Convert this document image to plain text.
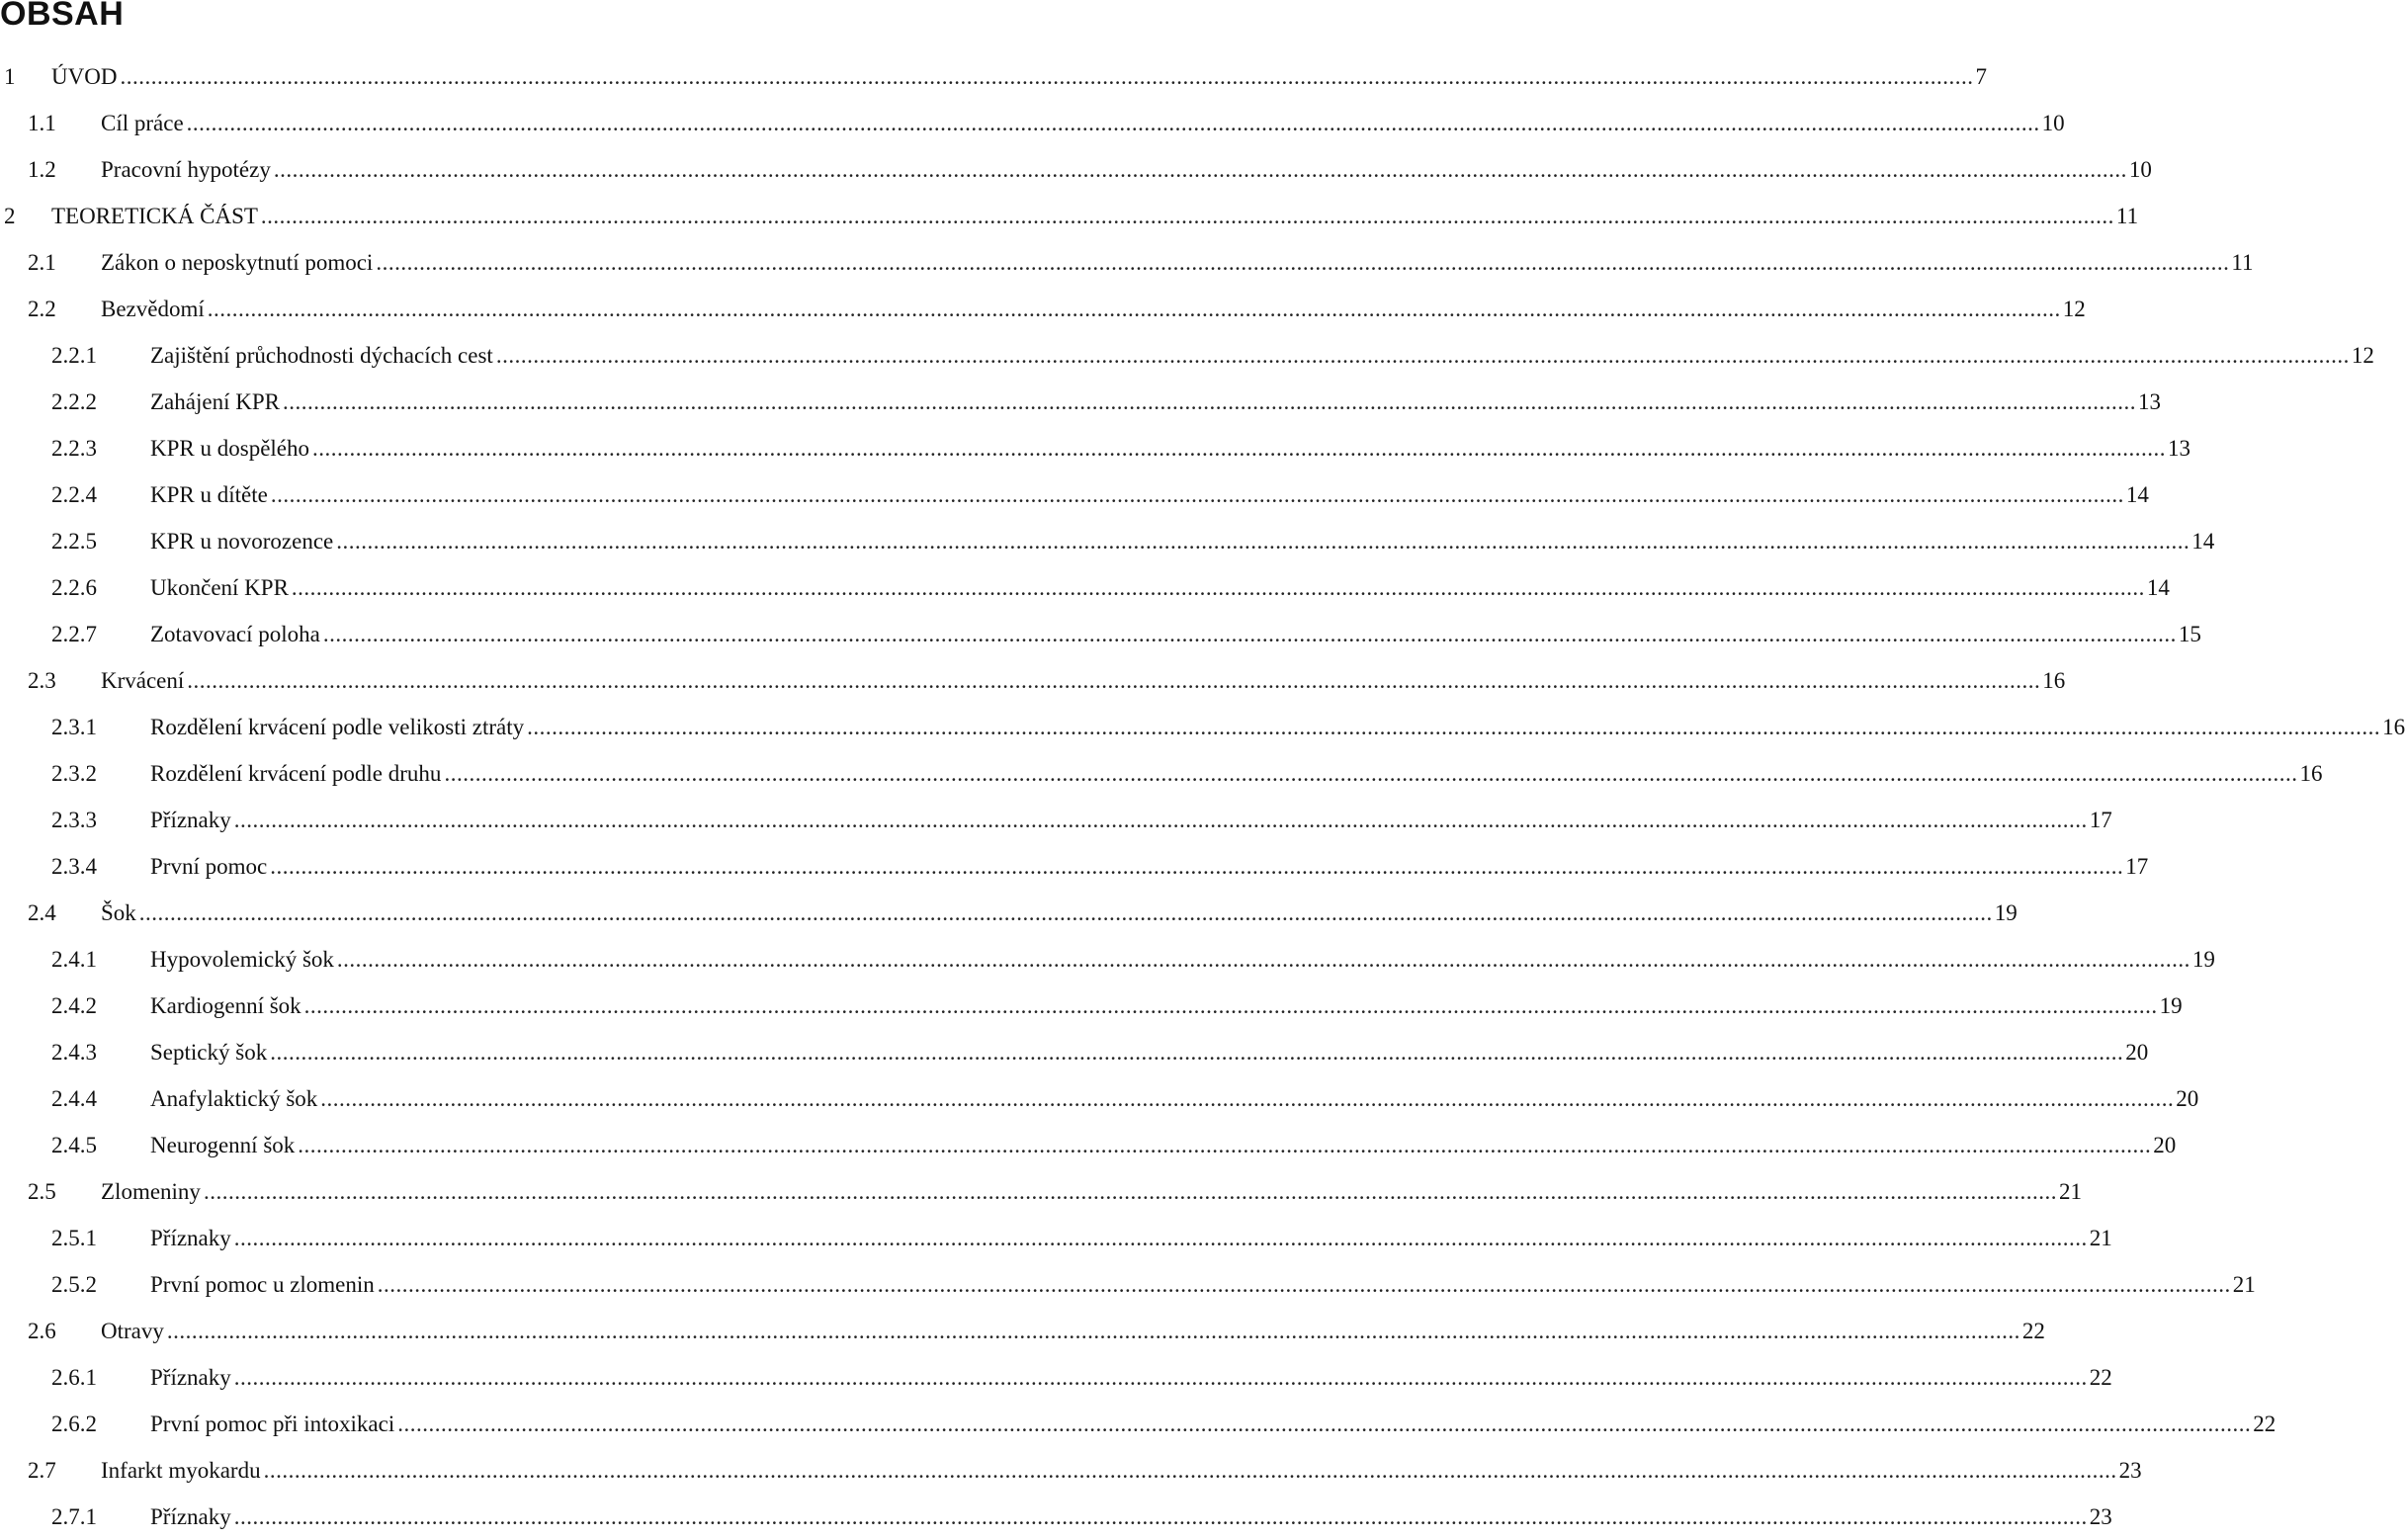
OBSAH
1	ÚVOD ............................................................................................................................................................................................................................................................................................................ 7
1.1	Cíl práce ............................................................................................................................................................................................................................................................................................................ 10
1.2	Pracovní hypotézy ............................................................................................................................................................................................................................................................................................................ 10
2	TEORETICKÁ ČÁST ............................................................................................................................................................................................................................................................................................................ 11
2.1	Zákon o neposkytnutí pomoci ............................................................................................................................................................................................................................................................................................................ 11
2.2	Bezvědomí ............................................................................................................................................................................................................................................................................................................ 12
2.2.1	Zajištění průchodnosti dýchacích cest ............................................................................................................................................................................................................................................................................................................ 12
2.2.2	Zahájení KPR ............................................................................................................................................................................................................................................................................................................ 13
2.2.3	KPR u dospělého ............................................................................................................................................................................................................................................................................................................ 13
2.2.4	KPR u dítěte ............................................................................................................................................................................................................................................................................................................ 14
2.2.5	KPR u novorozence ............................................................................................................................................................................................................................................................................................................ 14
2.2.6	Ukončení KPR ............................................................................................................................................................................................................................................................................................................ 14
2.2.7	Zotavovací poloha ............................................................................................................................................................................................................................................................................................................ 15
2.3	Krvácení ............................................................................................................................................................................................................................................................................................................ 16
2.3.1	Rozdělení krvácení podle velikosti ztráty ............................................................................................................................................................................................................................................................................................................ 16
2.3.2	Rozdělení krvácení podle druhu ............................................................................................................................................................................................................................................................................................................ 16
2.3.3	Příznaky ............................................................................................................................................................................................................................................................................................................ 17
2.3.4	První pomoc ............................................................................................................................................................................................................................................................................................................ 17
2.4	Šok ............................................................................................................................................................................................................................................................................................................ 19
2.4.1	Hypovolemický šok ............................................................................................................................................................................................................................................................................................................ 19
2.4.2	Kardiogenní šok ............................................................................................................................................................................................................................................................................................................ 19
2.4.3	Septický šok ............................................................................................................................................................................................................................................................................................................ 20
2.4.4	Anafylaktický šok ............................................................................................................................................................................................................................................................................................................ 20
2.4.5	Neurogenní šok ............................................................................................................................................................................................................................................................................................................ 20
2.5	Zlomeniny ............................................................................................................................................................................................................................................................................................................ 21
2.5.1	Příznaky ............................................................................................................................................................................................................................................................................................................ 21
2.5.2	První pomoc u zlomenin ............................................................................................................................................................................................................................................................................................................ 21
2.6	Otravy ............................................................................................................................................................................................................................................................................................................ 22
2.6.1	Příznaky ............................................................................................................................................................................................................................................................................................................ 22
2.6.2	První pomoc při intoxikaci ............................................................................................................................................................................................................................................................................................................ 22
2.7	Infarkt myokardu ............................................................................................................................................................................................................................................................................................................ 23
2.7.1	Příznaky ............................................................................................................................................................................................................................................................................................................ 23
